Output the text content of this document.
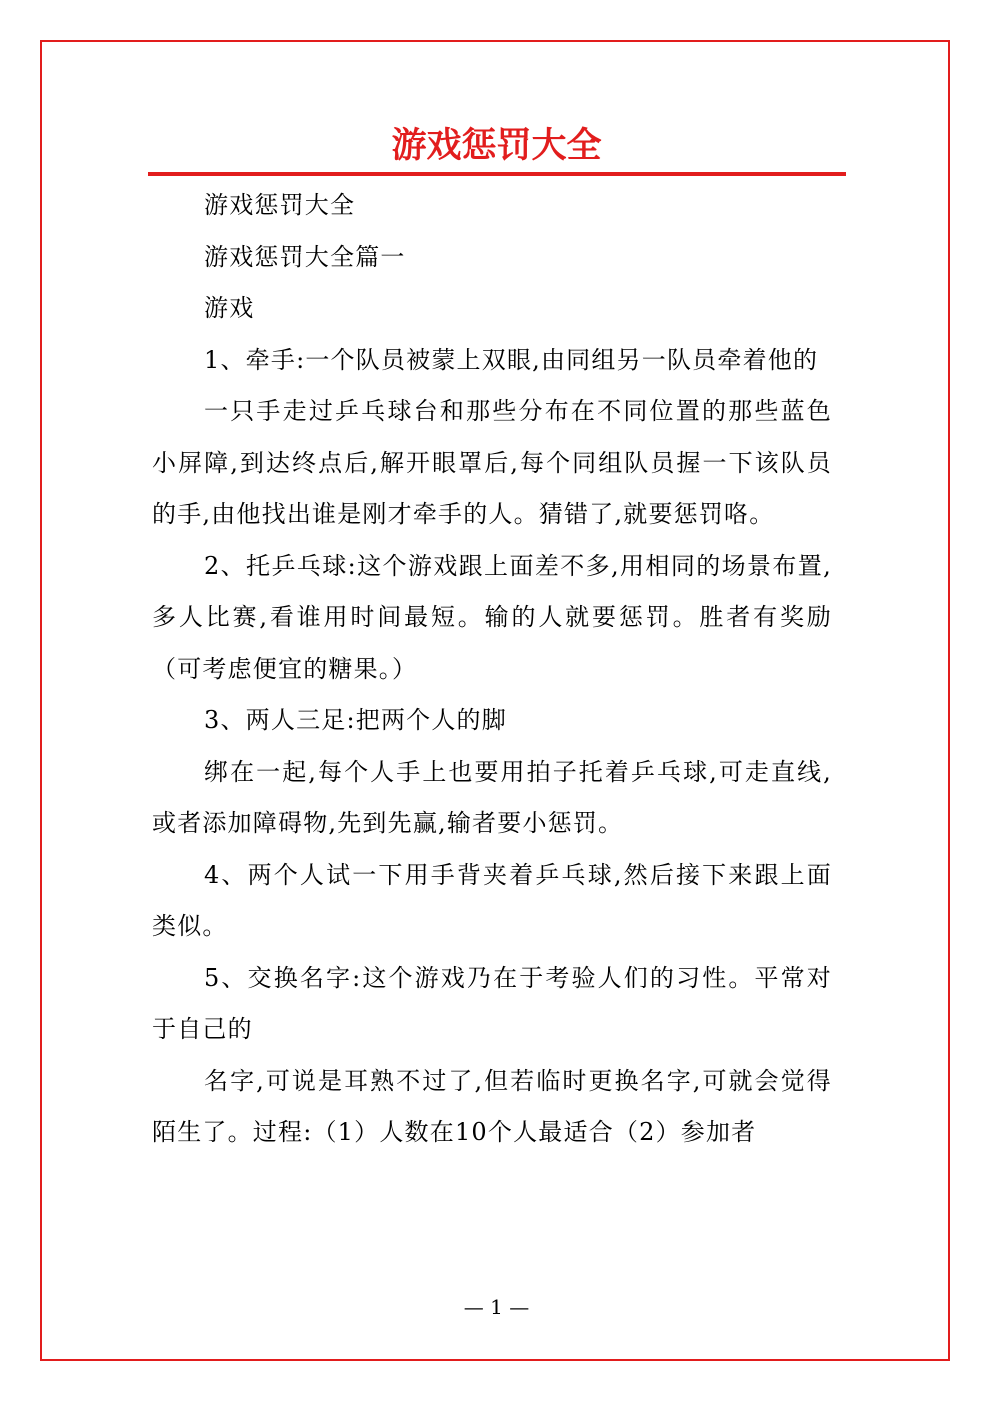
游戏惩罚大全

游戏惩罚大全

游戏惩罚大全篇一

游戏

1、牵手:一个队员被蒙上双眼,由同组另一队员牵着他的

一只手走过乒乓球台和那些分布在不同位置的那些蓝色小屏障,到达终点后,解开眼罩后,每个同组队员握一下该队员的手,由他找出谁是刚才牵手的人。猜错了,就要惩罚咯。

2、托乒乓球:这个游戏跟上面差不多,用相同的场景布置,多人比赛,看谁用时间最短。输的人就要惩罚。胜者有奖励（可考虑便宜的糖果。）

3、两人三足:把两个人的脚

绑在一起,每个人手上也要用拍子托着乒乓球,可走直线,或者添加障碍物,先到先赢,输者要小惩罚。

4、两个人试一下用手背夹着乒乓球,然后接下来跟上面类似。

5、交换名字:这个游戏乃在于考验人们的习性。平常对于自己的

名字,可说是耳熟不过了,但若临时更换名字,可就会觉得陌生了。过程:（1）人数在10个人最适合（2）参加者

— 1 —
